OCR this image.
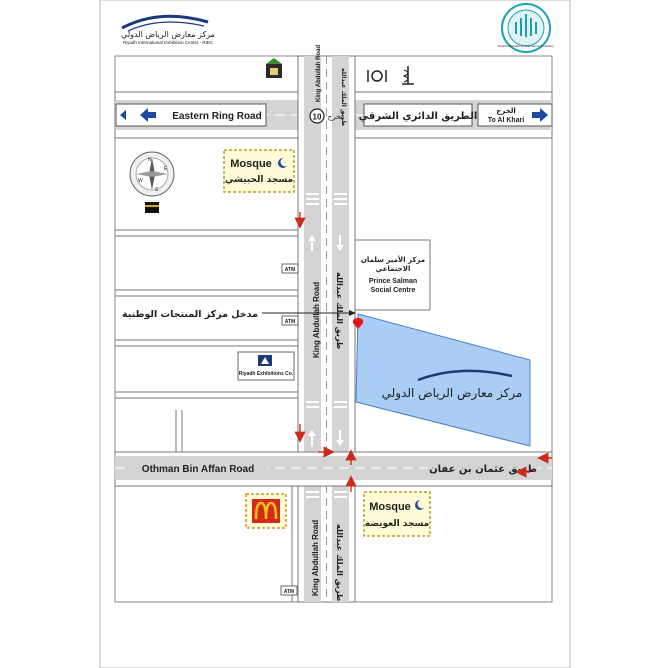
مركز معارض الرياض الدولي
Riyadh International Exhibition Center - RIEC
Riyadh Chamber of Commerce & Industry
مركز معارض الرياض الدولي
Eastern Ring Road	الطريق الدائري الشرقي	الخرج
To Al Khari
10 مخرج
King Abdullah Road	طريق الملك عبدالله
King Abdullah Road طريق الملك عبدالله
King Abdullah Road طريق الملك عبدالله
Othman Bin Affan Road	طريق عثمان بن عفان
مدخل مركز المنتجات الوطنية
Mosque
مسجد الحبيشي
Mosque
مسجد العويضة
N
E
S
W
ATM
ATM
ATM
Riyadh Exhibitions Co.
مركز الأمير سلمان
الاجتماعي
Prince Salman
Social Centre
